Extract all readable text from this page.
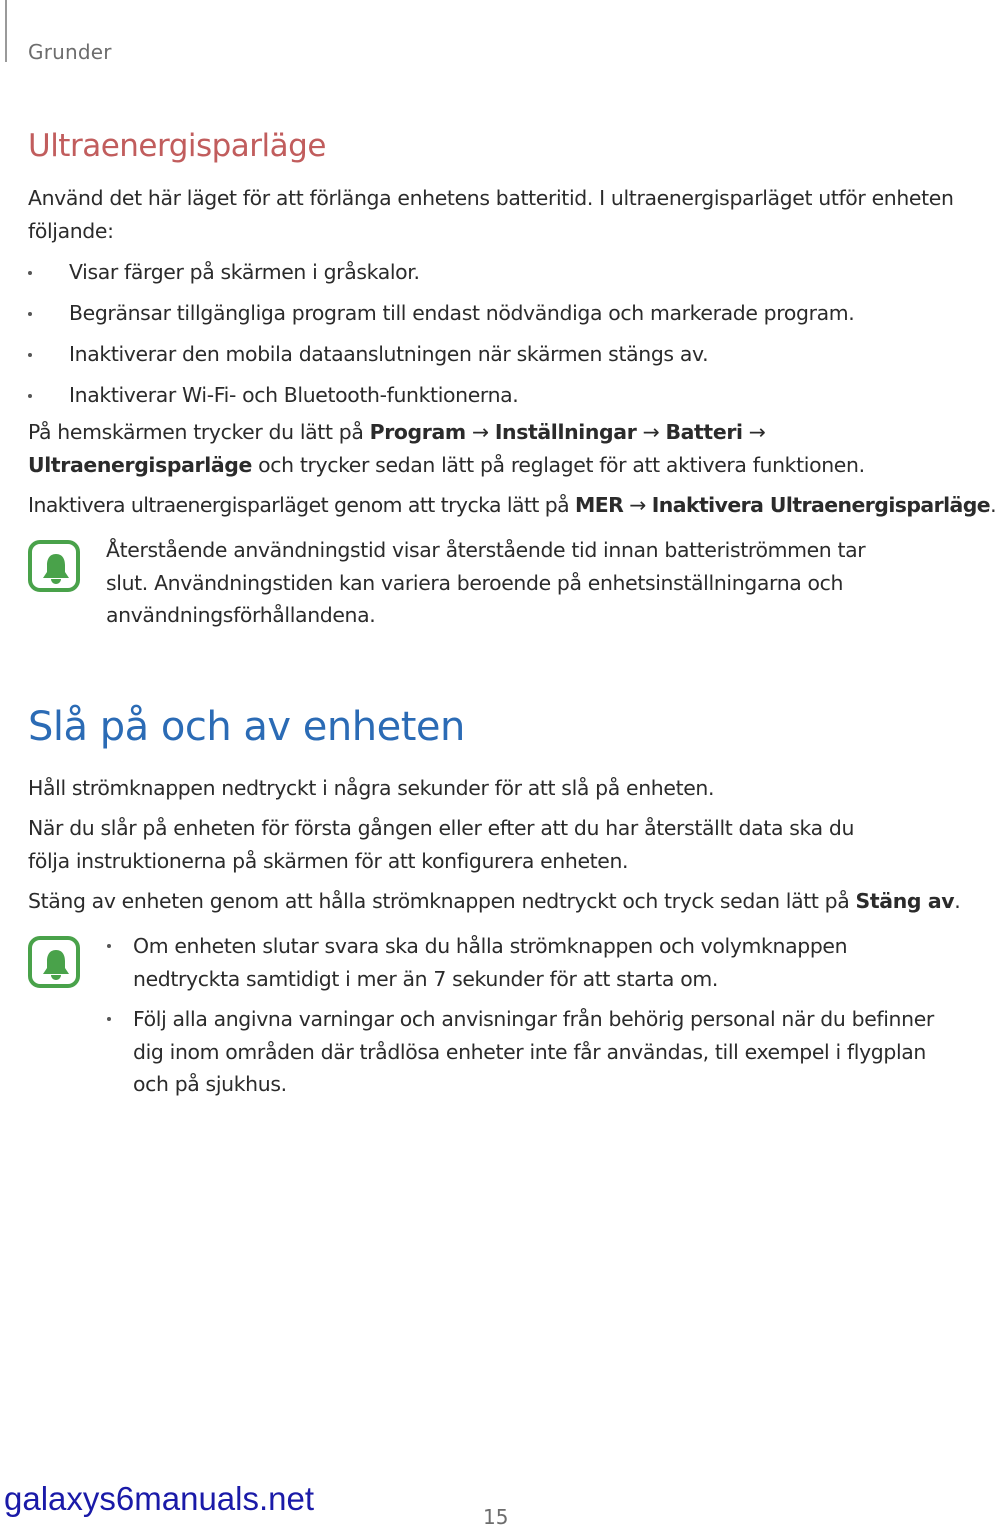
Grunder
Ultraenergisparläge

Använd det här läget för att förlänga enhetens batteritid. I ultraenergisparläget utför enheten följande:

Visar färger på skärmen i gråskalor.
Begränsar tillgängliga program till endast nödvändiga och markerade program.
Inaktiverar den mobila dataanslutningen när skärmen stängs av.
Inaktiverar Wi-Fi- och Bluetooth-funktionerna.

På hemskärmen trycker du lätt på Program → Inställningar → Batteri → Ultraenergisparläge och trycker sedan lätt på reglaget för att aktivera funktionen.

Inaktivera ultraenergisparläget genom att trycka lätt på MER → Inaktivera Ultraenergisparläge.

Återstående användningstid visar återstående tid innan batteriströmmen tar slut. Användningstiden kan variera beroende på enhetsinställningarna och användningsförhållandena.
Slå på och av enheten

Håll strömknappen nedtryckt i några sekunder för att slå på enheten.

När du slår på enheten för första gången eller efter att du har återställt data ska du följa instruktionerna på skärmen för att konfigurera enheten.

Stäng av enheten genom att hålla strömknappen nedtryckt och tryck sedan lätt på Stäng av.

Om enheten slutar svara ska du hålla strömknappen och volymknappen nedtryckta samtidigt i mer än 7 sekunder för att starta om.
Följ alla angivna varningar och anvisningar från behörig personal när du befinner dig inom områden där trådlösa enheter inte får användas, till exempel i flygplan och på sjukhus.
galaxys6manuals.net	15
